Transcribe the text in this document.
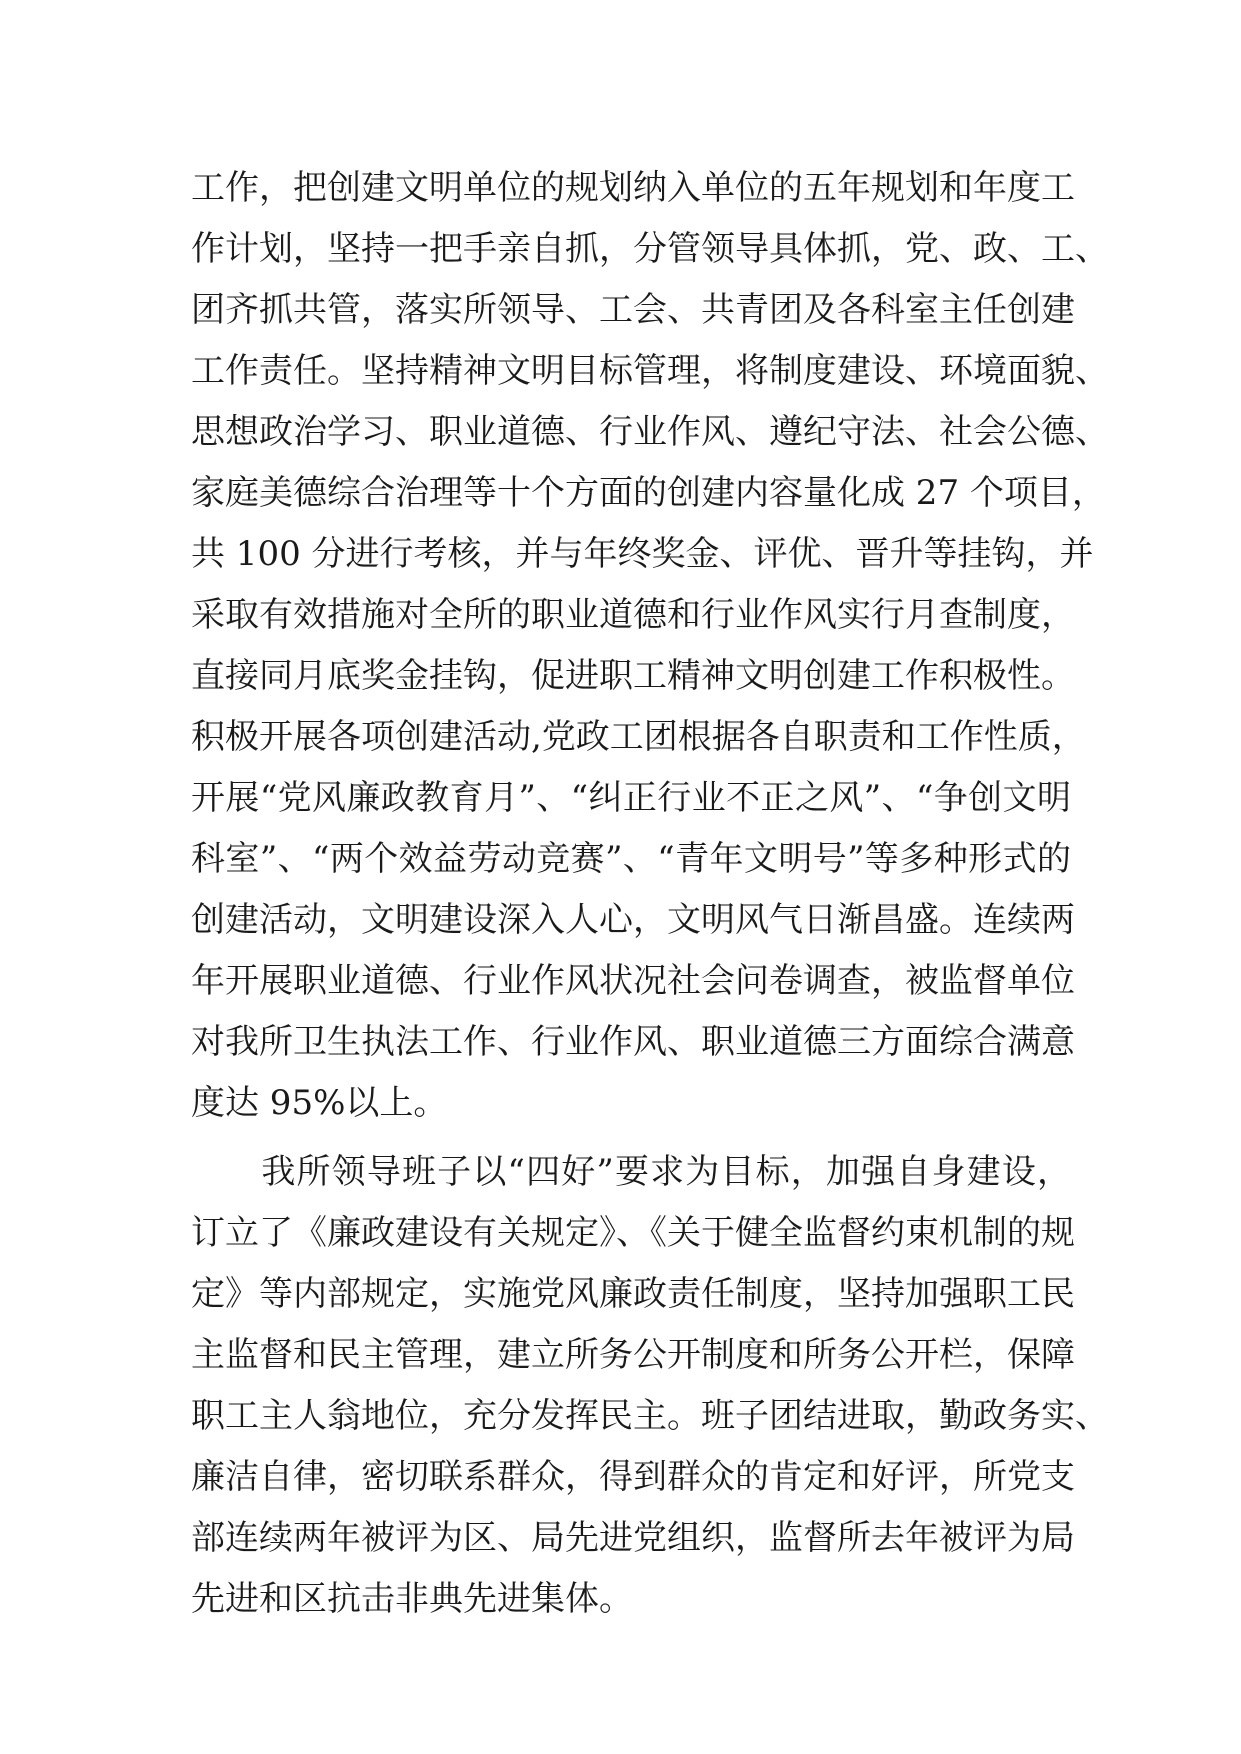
工作，把创建文明单位的规划纳入单位的五年规划和年度工
作计划，坚持一把手亲自抓，分管领导具体抓，党、政、工、
团齐抓共管，落实所领导、工会、共青团及各科室主任创建
工作责任。坚持精神文明目标管理，将制度建设、环境面貌、
思想政治学习、职业道德、行业作风、遵纪守法、社会公德、
家庭美德综合治理等十个方面的创建内容量化成 27 个项目，
共 100 分进行考核，并与年终奖金、评优、晋升等挂钩，并
采取有效措施对全所的职业道德和行业作风实行月查制度，
直接同月底奖金挂钩，促进职工精神文明创建工作积极性。
积极开展各项创建活动,党政工团根据各自职责和工作性质，
开展“党风廉政教育月”、“纠正行业不正之风”、“争创文明
科室”、“两个效益劳动竞赛”、“青年文明号”等多种形式的
创建活动，文明建设深入人心，文明风气日渐昌盛。连续两
年开展职业道德、行业作风状况社会问卷调查，被监督单位
对我所卫生执法工作、行业作风、职业道德三方面综合满意
度达 95%以上。
　　我所领导班子以“四好”要求为目标，加强自身建设，
订立了《廉政建设有关规定》、《关于健全监督约束机制的规
定》等内部规定，实施党风廉政责任制度，坚持加强职工民
主监督和民主管理，建立所务公开制度和所务公开栏，保障
职工主人翁地位，充分发挥民主。班子团结进取，勤政务实、
廉洁自律，密切联系群众，得到群众的肯定和好评，所党支
部连续两年被评为区、局先进党组织，监督所去年被评为局
先进和区抗击非典先进集体。
